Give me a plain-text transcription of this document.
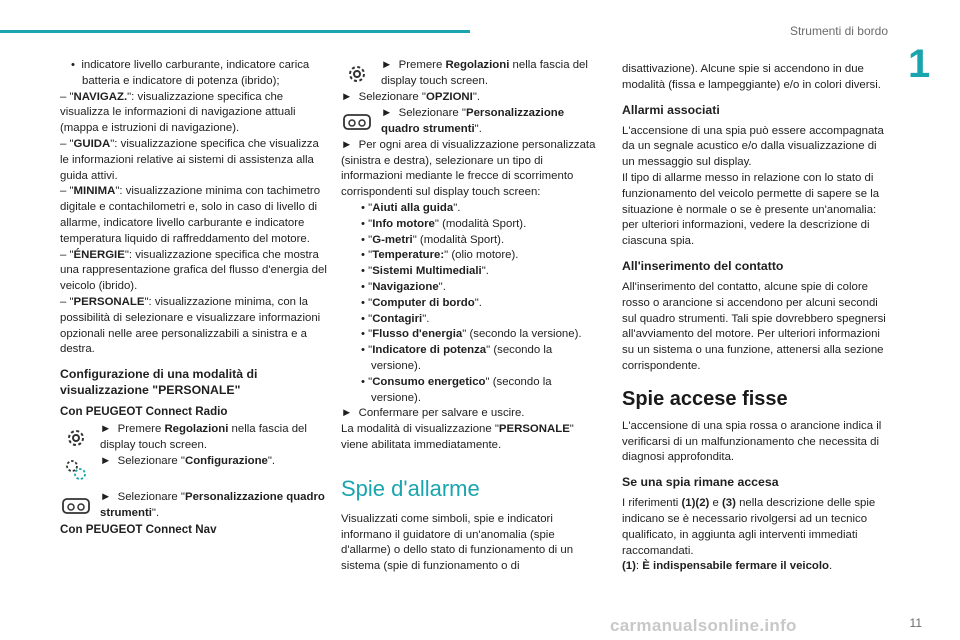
Strumenti di bordo
1

•  indicatore livello carburante, indicatore carica batteria e indicatore di potenza (ibrido);

– "NAVIGAZ.": visualizzazione specifica che visualizza le informazioni di navigazione attuali (mappa e istruzioni di navigazione).

– "GUIDA": visualizzazione specifica che visualizza le informazioni relative ai sistemi di assistenza alla guida attivi.

– "MINIMA": visualizzazione minima con tachimetro digitale e contachilometri e, solo in caso di livello di allarme, indicatore livello carburante e indicatore temperatura liquido di raffreddamento del motore.

– "ÉNERGIE": visualizzazione specifica che mostra una rappresentazione grafica del flusso d'energia del veicolo (ibrido).

– "PERSONALE": visualizzazione minima, con la possibilità di selezionare e visualizzare informazioni opzionali nelle aree personalizzabili a sinistra e a destra.

Configurazione di una modalità di visualizzazione "PERSONALE"

Con PEUGEOT Connect Radio

►  Premere Regolazioni nella fascia del display touch screen.

►  Selezionare "Configurazione".

►  Selezionare "Personalizzazione quadro strumenti".

Con PEUGEOT Connect Nav

►  Premere Regolazioni nella fascia del display touch screen.

►  Selezionare "OPZIONI".

►  Selezionare "Personalizzazione quadro strumenti".

►  Per ogni area di visualizzazione personalizzata (sinistra e destra), selezionare un tipo di informazioni mediante le frecce di scorrimento corrispondenti sul display touch screen:

• "Aiuti alla guida".

• "Info motore" (modalità Sport).

• "G-metri" (modalità Sport).

• "Temperature:" (olio motore).

• "Sistemi Multimediali".

• "Navigazione".

• "Computer di bordo".

• "Contagiri".

• "Flusso d'energia" (secondo la versione).

• "Indicatore di potenza" (secondo la versione).

• "Consumo energetico" (secondo la versione).

►  Confermare per salvare e uscire.

La modalità di visualizzazione "PERSONALE" viene abilitata immediatamente.

Spie d'allarme

Visualizzati come simboli, spie e indicatori informano il guidatore di un'anomalia (spie d'allarme) o dello stato di funzionamento di un sistema (spie di funzionamento o di

disattivazione). Alcune spie si accendono in due modalità (fissa e lampeggiante) e/o in colori diversi.

Allarmi associati

L'accensione di una spia può essere accompagnata da un segnale acustico e/o dalla visualizzazione di un messaggio sul display.

Il tipo di allarme messo in relazione con lo stato di funzionamento del veicolo permette di sapere se la situazione è normale o se è presente un'anomalia: per ulteriori informazioni, vedere la descrizione di ciascuna spia.

All'inserimento del contatto

All'inserimento del contatto, alcune spie di colore rosso o arancione si accendono per alcuni secondi sul quadro strumenti. Tali spie dovrebbero spegnersi all'avviamento del motore. Per ulteriori informazioni su un sistema o una funzione, attenersi alla sezione corrispondente.

Spie accese fisse

L'accensione di una spia rossa o arancione indica il verificarsi di un malfunzionamento che necessita di diagnosi approfondita.

Se una spia rimane accesa

I riferimenti (1)(2) e (3) nella descrizione delle spie indicano se è necessario rivolgersi ad un tecnico qualificato, in aggiunta agli interventi immediati raccomandati.

(1): È indispensabile fermare il veicolo.

carmanualsonline.info	11
